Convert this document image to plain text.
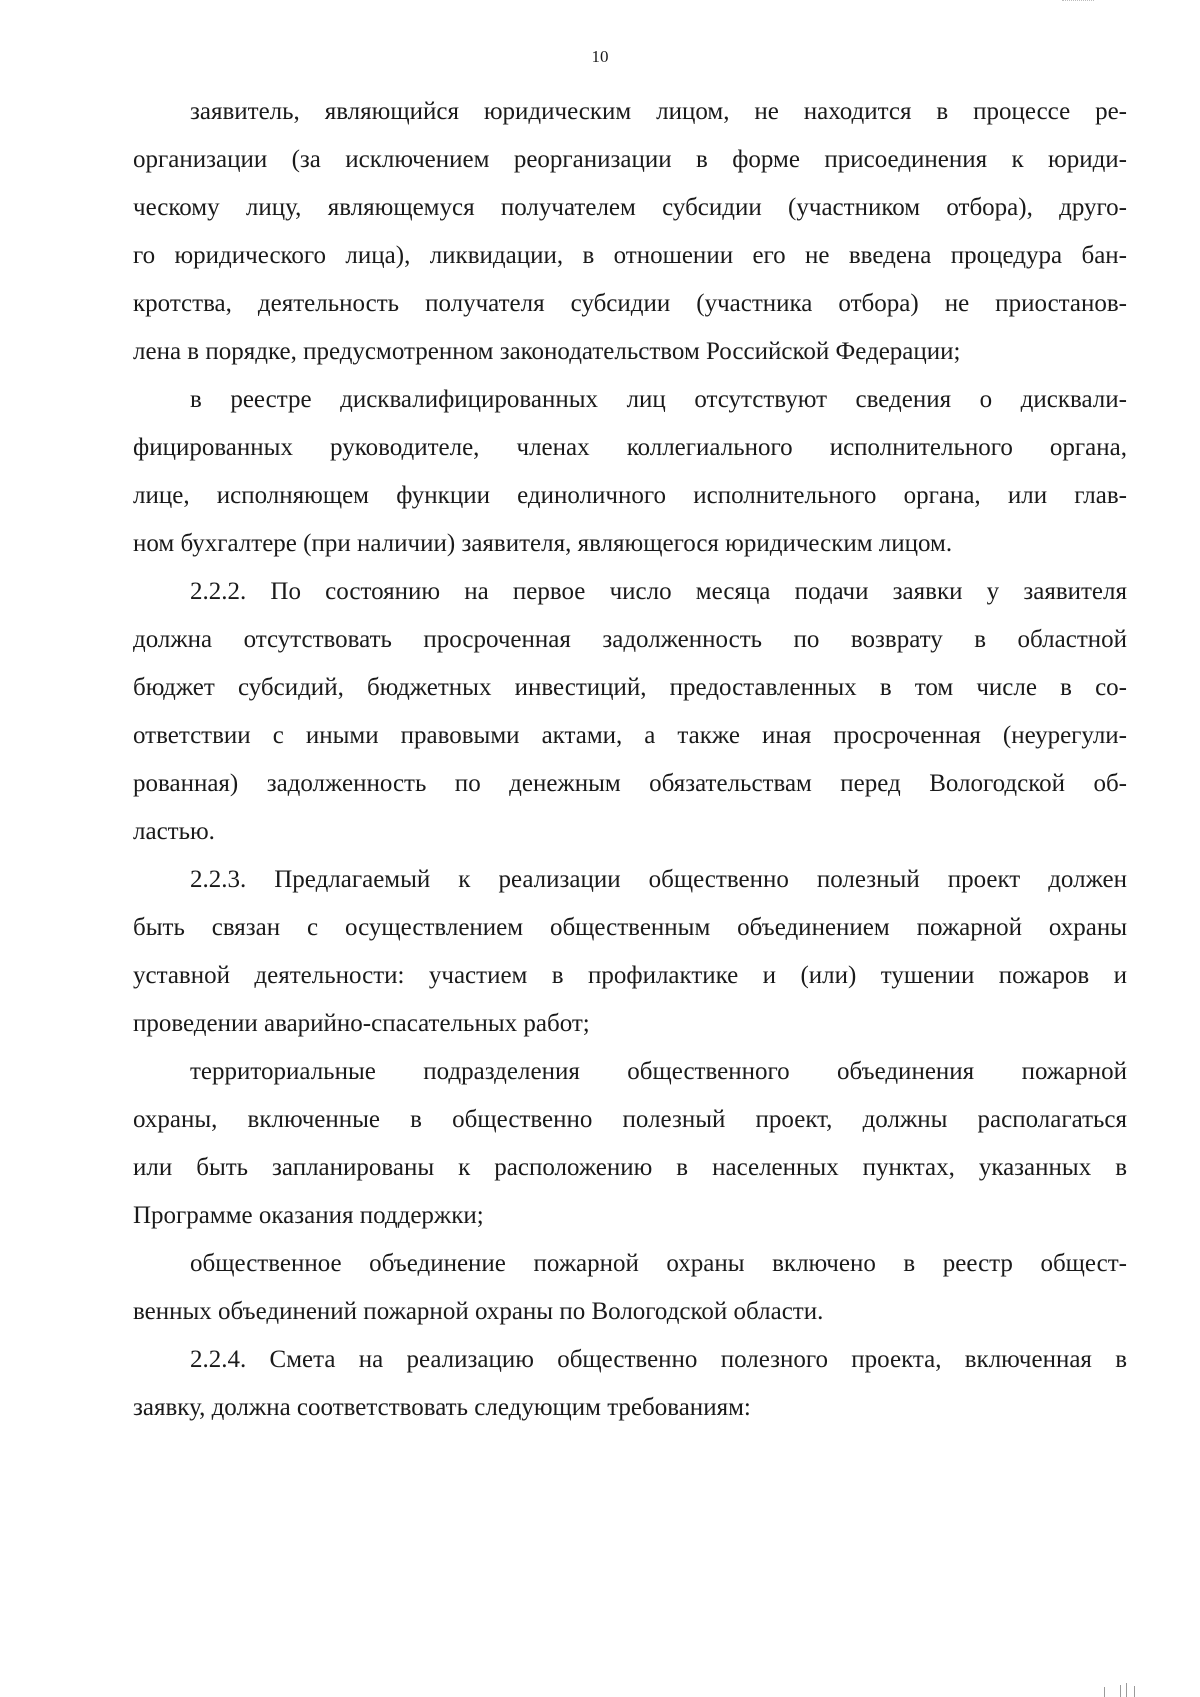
10
заявитель, являющийся юридическим лицом, не находится в процессе ре-
организации (за исключением реорганизации в форме присоединения к юриди-
ческому лицу, являющемуся получателем субсидии (участником отбора), друго-
го юридического лица), ликвидации, в отношении его не введена процедура бан-
кротства, деятельность получателя субсидии (участника отбора) не приостанов-
лена в порядке, предусмотренном законодательством Российской Федерации;
в реестре дисквалифицированных лиц отсутствуют сведения о дисквали-
фицированных руководителе, членах коллегиального исполнительного органа,
лице, исполняющем функции единоличного исполнительного органа, или глав-
ном бухгалтере (при наличии) заявителя, являющегося юридическим лицом.
2.2.2. По состоянию на первое число месяца подачи заявки у заявителя
должна отсутствовать просроченная задолженность по возврату в областной
бюджет субсидий, бюджетных инвестиций, предоставленных в том числе в со-
ответствии с иными правовыми актами, а также иная просроченная (неурегули-
рованная) задолженность по денежным обязательствам перед Вологодской об-
ластью.
2.2.3. Предлагаемый к реализации общественно полезный проект должен
быть связан с осуществлением общественным объединением пожарной охраны
уставной деятельности: участием в профилактике и (или) тушении пожаров и
проведении аварийно-спасательных работ;
территориальные подразделения общественного объединения пожарной
охраны, включенные в общественно полезный проект, должны располагаться
или быть запланированы к расположению в населенных пунктах, указанных в
Программе оказания поддержки;
общественное объединение пожарной охраны включено в реестр общест-
венных объединений пожарной охраны по Вологодской области.
2.2.4. Смета на реализацию общественно полезного проекта, включенная в
заявку, должна соответствовать следующим требованиям:
